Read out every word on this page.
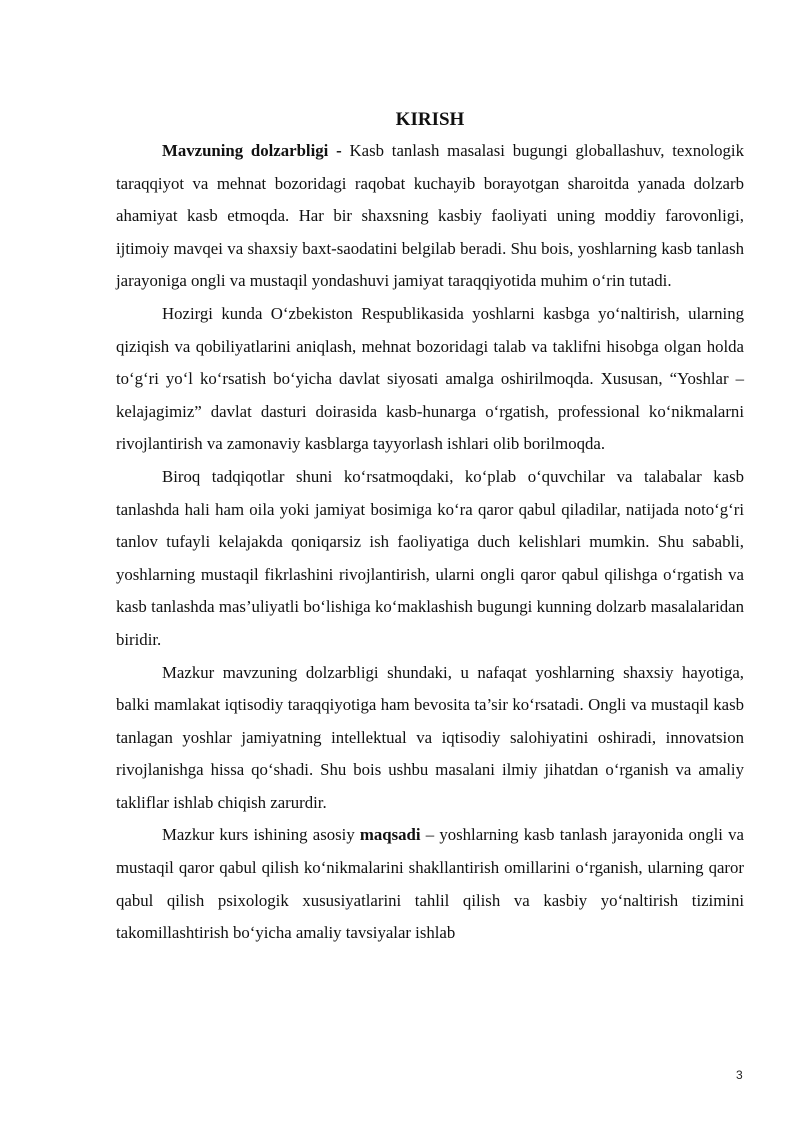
KIRISH

Mavzuning dolzarbligi - Kasb tanlash masalasi bugungi globallashuv, texnologik taraqqiyot va mehnat bozoridagi raqobat kuchayib borayotgan sharoitda yanada dolzarb ahamiyat kasb etmoqda. Har bir shaxsning kasbiy faoliyati uning moddiy farovonligi, ijtimoiy mavqei va shaxsiy baxt-saodatini belgilab beradi. Shu bois, yoshlarning kasb tanlash jarayoniga ongli va mustaqil yondashuvi jamiyat taraqqiyotida muhim oʻrin tutadi.

Hozirgi kunda Oʻzbekiston Respublikasida yoshlarni kasbga yoʻnaltirish, ularning qiziqish va qobiliyatlarini aniqlash, mehnat bozoridagi talab va taklifni hisobga olgan holda toʻgʻri yoʻl koʻrsatish boʻyicha davlat siyosati amalga oshirilmoqda. Xususan, “Yoshlar – kelajagimiz” davlat dasturi doirasida kasb-hunarga oʻrgatish, professional koʻnikmalarni rivojlantirish va zamonaviy kasblarga tayyorlash ishlari olib borilmoqda.

Biroq tadqiqotlar shuni koʻrsatmoqdaki, koʻplab oʻquvchilar va talabalar kasb tanlashda hali ham oila yoki jamiyat bosimiga koʻra qaror qabul qiladilar, natijada notoʻgʻri tanlov tufayli kelajakda qoniqarsiz ish faoliyatiga duch kelishlari mumkin. Shu sababli, yoshlarning mustaqil fikrlashini rivojlantirish, ularni ongli qaror qabul qilishga oʻrgatish va kasb tanlashda mas’uliyatli boʻlishiga koʻmaklashish bugungi kunning dolzarb masalalaridan biridir.

Mazkur mavzuning dolzarbligi shundaki, u nafaqat yoshlarning shaxsiy hayotiga, balki mamlakat iqtisodiy taraqqiyotiga ham bevosita ta’sir koʻrsatadi. Ongli va mustaqil kasb tanlagan yoshlar jamiyatning intellektual va iqtisodiy salohiyatini oshiradi, innovatsion rivojlanishga hissa qoʻshadi. Shu bois ushbu masalani ilmiy jihatdan oʻrganish va amaliy takliflar ishlab chiqish zarurdir.

Mazkur kurs ishining asosiy maqsadi – yoshlarning kasb tanlash jarayonida ongli va mustaqil qaror qabul qilish koʻnikmalarini shakllantirish omillarini oʻrganish, ularning qaror qabul qilish psixologik xususiyatlarini tahlil qilish va kasbiy yoʻnaltirish tizimini takomillashtirish boʻyicha amaliy tavsiyalar ishlab

3
